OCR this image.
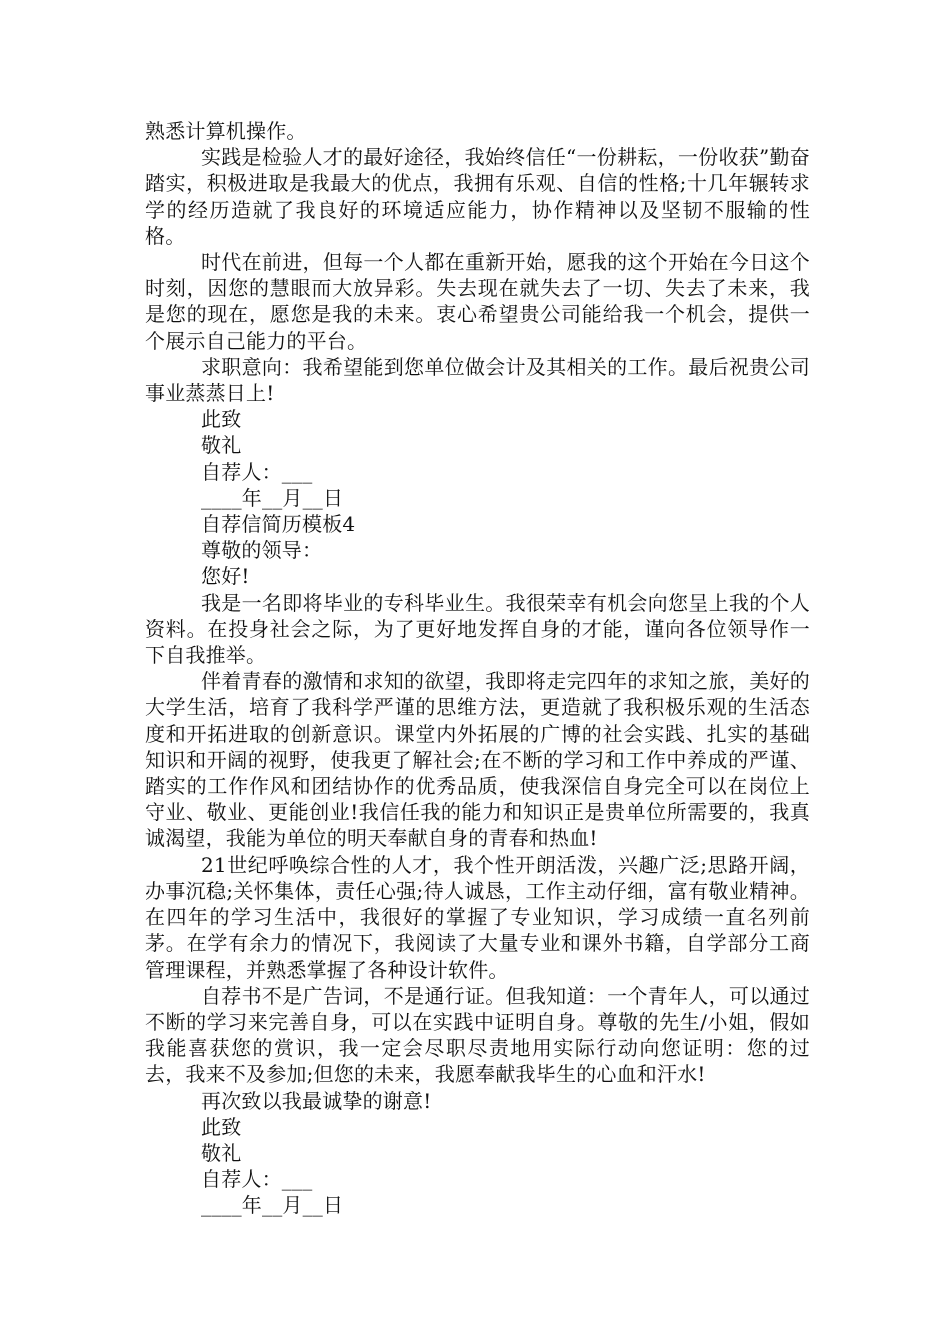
熟悉计算机操作。

实践是检验人才的最好途径，我始终信任“一份耕耘，一份收获”勤奋踏实，积极进取是我最大的优点，我拥有乐观、自信的性格;十几年辗转求学的经历造就了我良好的环境适应能力，协作精神以及坚韧不服输的性格。

时代在前进，但每一个人都在重新开始，愿我的这个开始在今日这个时刻，因您的慧眼而大放异彩。失去现在就失去了一切、失去了未来，我是您的现在，愿您是我的未来。衷心希望贵公司能给我一个机会，提供一个展示自己能力的平台。

求职意向：我希望能到您单位做会计及其相关的工作。最后祝贵公司事业蒸蒸日上!

此致

敬礼

自荐人：___

____年__月__日

自荐信简历模板4

尊敬的领导：

您好!

我是一名即将毕业的专科毕业生。我很荣幸有机会向您呈上我的个人资料。在投身社会之际，为了更好地发挥自身的才能，谨向各位领导作一下自我推举。

伴着青春的激情和求知的欲望，我即将走完四年的求知之旅，美好的大学生活，培育了我科学严谨的思维方法，更造就了我积极乐观的生活态度和开拓进取的创新意识。课堂内外拓展的广博的社会实践、扎实的基础知识和开阔的视野，使我更了解社会;在不断的学习和工作中养成的严谨、踏实的工作作风和团结协作的优秀品质，使我深信自身完全可以在岗位上守业、敬业、更能创业!我信任我的能力和知识正是贵单位所需要的，我真诚渴望，我能为单位的明天奉献自身的青春和热血!

21世纪呼唤综合性的人才，我个性开朗活泼，兴趣广泛;思路开阔，办事沉稳;关怀集体，责任心强;待人诚恳，工作主动仔细，富有敬业精神。在四年的学习生活中，我很好的掌握了专业知识，学习成绩一直名列前茅。在学有余力的情况下，我阅读了大量专业和课外书籍，自学部分工商管理课程，并熟悉掌握了各种设计软件。

自荐书不是广告词，不是通行证。但我知道：一个青年人，可以通过不断的学习来完善自身，可以在实践中证明自身。尊敬的先生/小姐，假如我能喜获您的赏识，我一定会尽职尽责地用实际行动向您证明：您的过去，我来不及参加;但您的未来，我愿奉献我毕生的心血和汗水!

再次致以我最诚挚的谢意!

此致

敬礼

自荐人：___

____年__月__日
